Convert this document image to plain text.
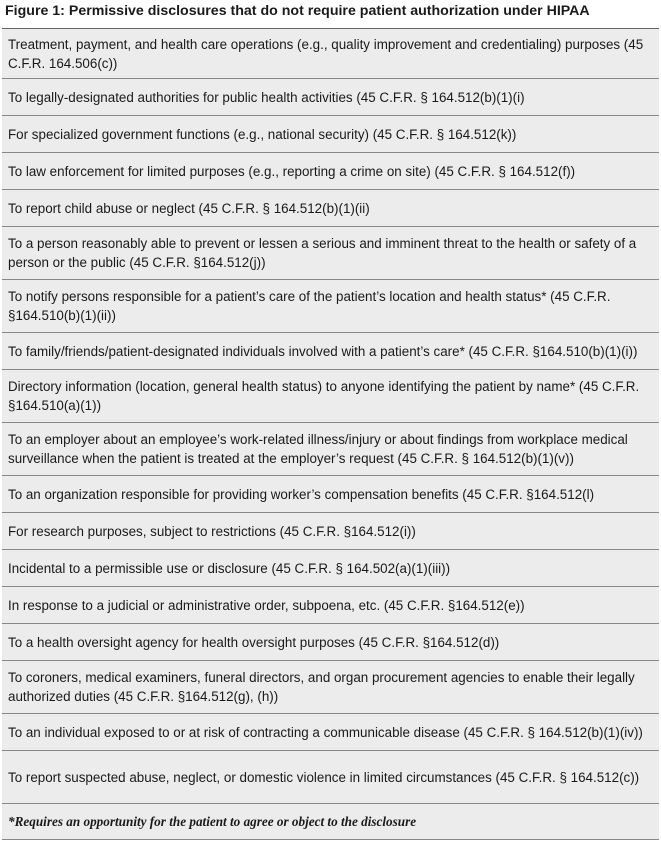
Figure 1: Permissive disclosures that do not require patient authorization under HIPAA
Treatment, payment, and health care operations (e.g., quality improvement and credentialing) purposes (45 C.F.R. 164.506(c))
To legally-designated authorities for public health activities (45 C.F.R. § 164.512(b)(1)(i)
For specialized government functions (e.g., national security) (45 C.F.R. § 164.512(k))
To law enforcement for limited purposes (e.g., reporting a crime on site) (45 C.F.R. § 164.512(f))
To report child abuse or neglect (45 C.F.R. § 164.512(b)(1)(ii)
To a person reasonably able to prevent or lessen a serious and imminent threat to the health or safety of a person or the public (45 C.F.R. §164.512(j))
To notify persons responsible for a patient’s care of the patient’s location and health status* (45 C.F.R. §164.510(b)(1)(ii))
To family/friends/patient-designated individuals involved with a patient’s care* (45 C.F.R. §164.510(b)(1)(i))
Directory information (location, general health status) to anyone identifying the patient by name* (45 C.F.R. §164.510(a)(1))
To an employer about an employee’s work-related illness/injury or about findings from workplace medical surveillance when the patient is treated at the employer’s request (45 C.F.R. § 164.512(b)(1)(v))
To an organization responsible for providing worker’s compensation benefits (45 C.F.R. §164.512(l)
For research purposes, subject to restrictions (45 C.F.R. §164.512(i))
Incidental to a permissible use or disclosure (45 C.F.R. § 164.502(a)(1)(iii))
In response to a judicial or administrative order, subpoena, etc. (45 C.F.R. §164.512(e))
To a health oversight agency for health oversight purposes (45 C.F.R. §164.512(d))
To coroners, medical examiners, funeral directors, and organ procurement agencies to enable their legally authorized duties (45 C.F.R. §164.512(g), (h))
To an individual exposed to or at risk of contracting a communicable disease (45 C.F.R. § 164.512(b)(1)(iv))
To report suspected abuse, neglect, or domestic violence in limited circumstances (45 C.F.R. § 164.512(c))
*Requires an opportunity for the patient to agree or object to the disclosure
